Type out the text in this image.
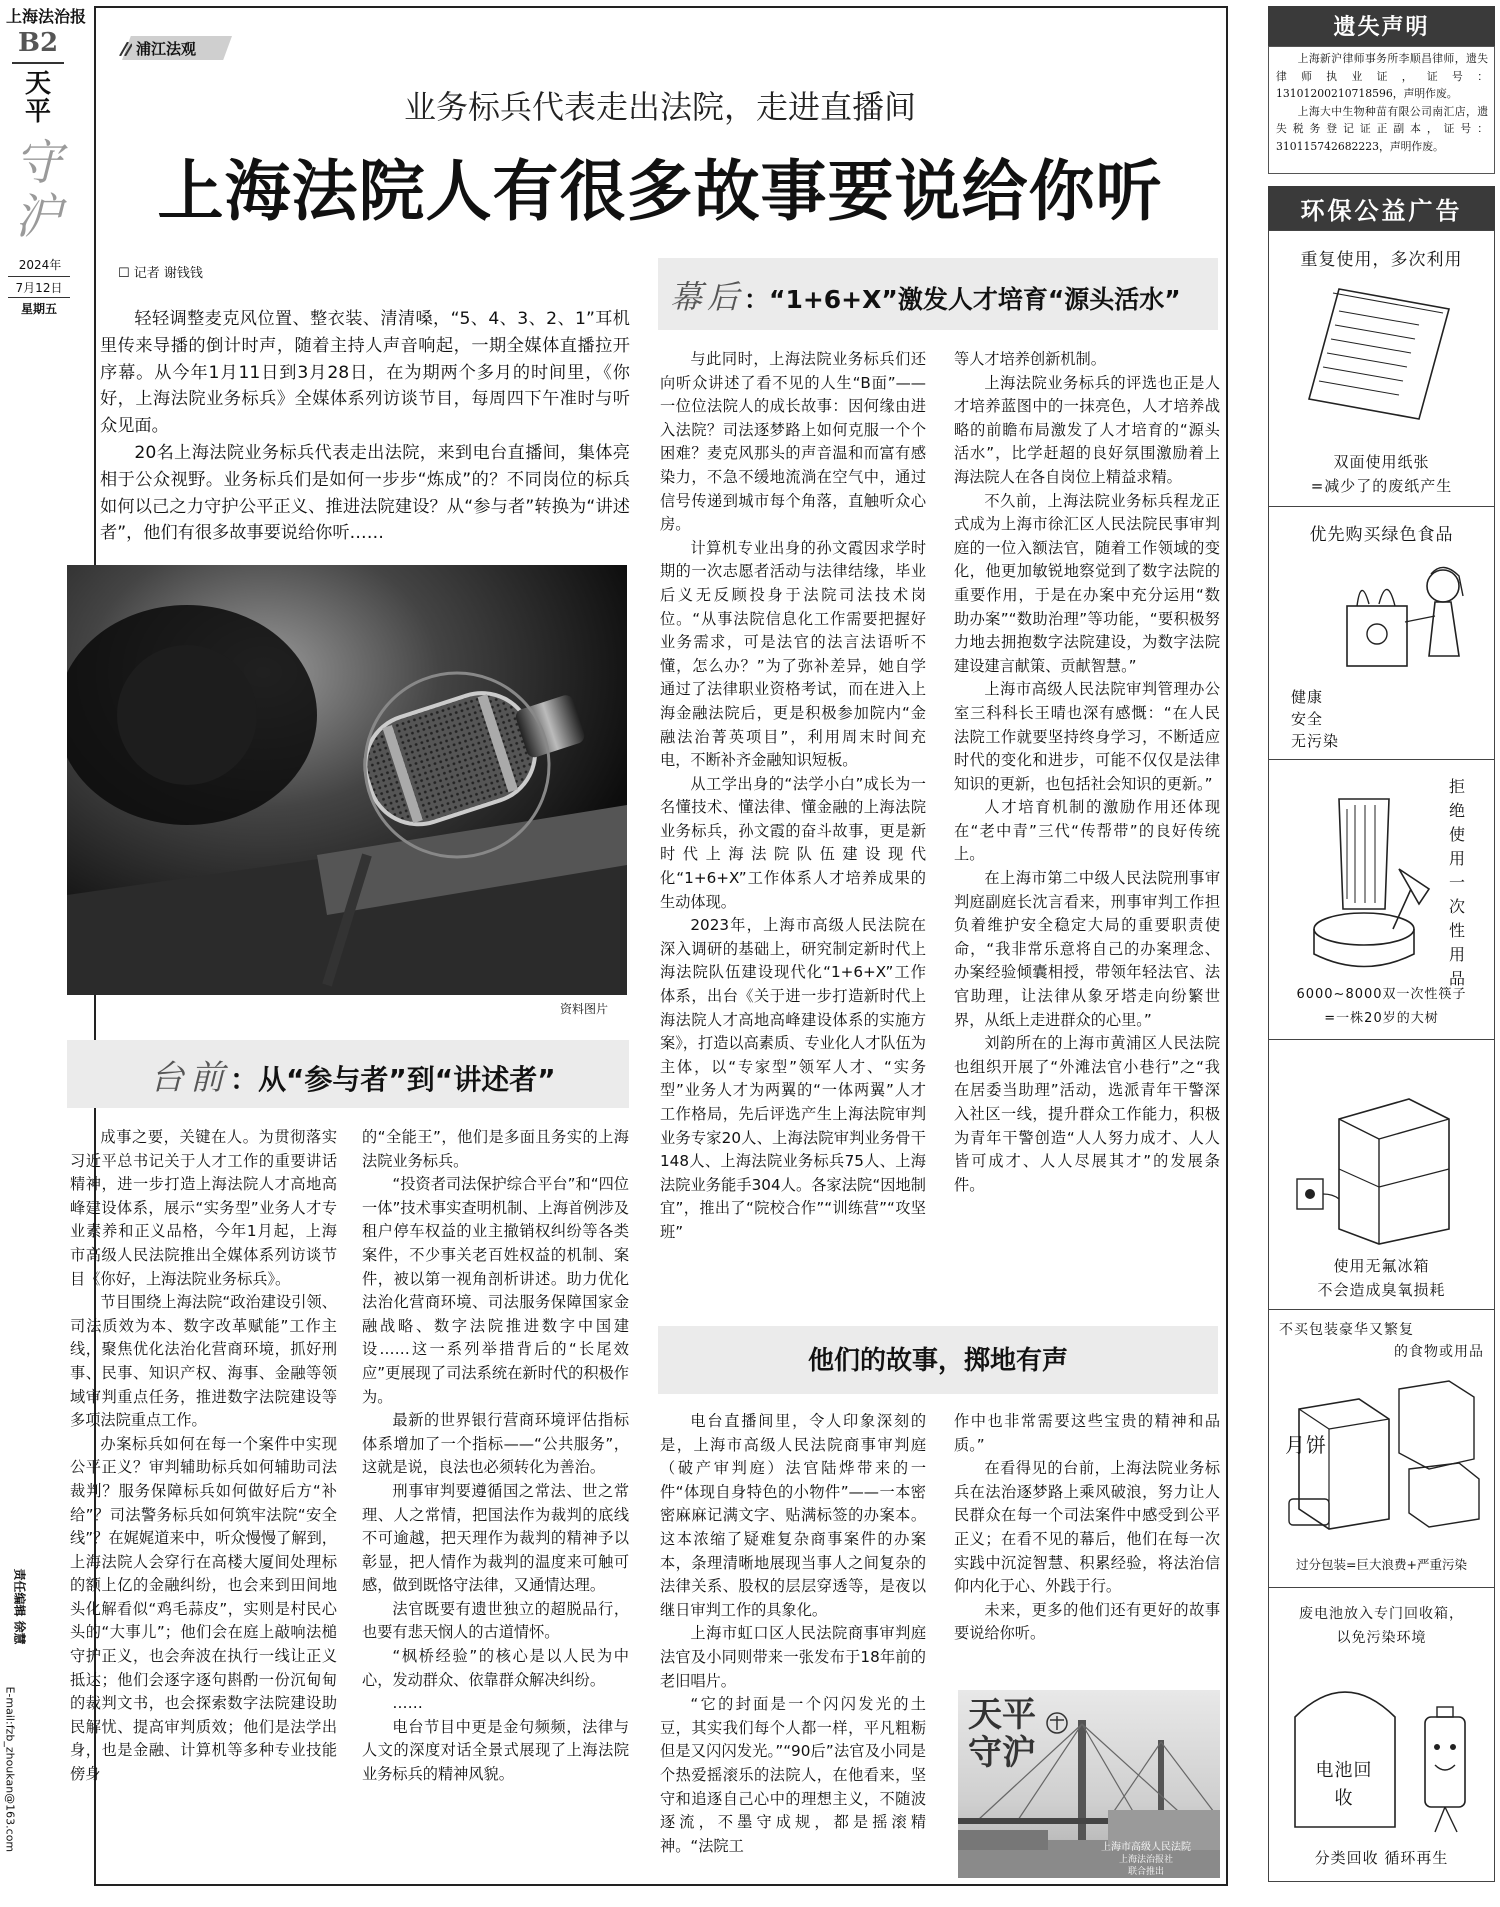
上海法治报
B2
天平
守沪
2024年
7月12日
星期五
责任编辑 徐慧
E-mail:fzb_zhoukan@163.com
浦江法观
业务标兵代表走出法院，走进直播间
上海法院人有很多故事要说给你听
☐ 记者 谢钱钱

轻轻调整麦克风位置、整衣装、清清嗓，“5、4、3、2、1”耳机里传来导播的倒计时声，随着主持人声音响起，一期全媒体直播拉开序幕。从今年1月11日到3月28日，在为期两个多月的时间里，《你好，上海法院业务标兵》全媒体系列访谈节目，每周四下午准时与听众见面。

20名上海法院业务标兵代表走出法院，来到电台直播间，集体亮相于公众视野。业务标兵们是如何一步步“炼成”的？不同岗位的标兵如何以己之力守护公平正义、推进法院建设？从“参与者”转换为“讲述者”，他们有很多故事要说给你听……

资料图片
台前：从“参与者”到“讲述者”

成事之要，关键在人。为贯彻落实习近平总书记关于人才工作的重要讲话精神，进一步打造上海法院人才高地高峰建设体系，展示“实务型”业务人才专业素养和正义品格，今年1月起，上海市高级人民法院推出全媒体系列访谈节目《你好，上海法院业务标兵》。

节目围绕上海法院“政治建设引领、司法质效为本、数字改革赋能”工作主线，聚焦优化法治化营商环境，抓好刑事、民事、知识产权、海事、金融等领域审判重点任务，推进数字法院建设等多项法院重点工作。

办案标兵如何在每一个案件中实现公平正义？审判辅助标兵如何辅助司法裁判？服务保障标兵如何做好后方“补给”？司法警务标兵如何筑牢法院“安全线”？在娓娓道来中，听众慢慢了解到，上海法院人会穿行在高楼大厦间处理标的额上亿的金融纠纷，也会来到田间地头化解看似“鸡毛蒜皮”，实则是村民心头的“大事儿”；他们会在庭上敲响法槌守护正义，也会奔波在执行一线让正义抵达；他们会逐字逐句斟酌一份沉甸甸的裁判文书，也会探索数字法院建设助民解忧、提高审判质效；他们是法学出身，也是金融、计算机等多种专业技能傍身

的“全能王”，他们是多面且务实的上海法院业务标兵。

“投资者司法保护综合平台”和“四位一体”技术事实查明机制、上海首例涉及租户停车权益的业主撤销权纠纷等各类案件，不少事关老百姓权益的机制、案件，被以第一视角剖析讲述。助力优化法治化营商环境、司法服务保障国家金融战略、数字法院推进数字中国建设……这一系列举措背后的“长尾效应”更展现了司法系统在新时代的积极作为。

最新的世界银行营商环境评估指标体系增加了一个指标——“公共服务”，这就是说，良法也必须转化为善治。

刑事审判要遵循国之常法、世之常理、人之常情，把国法作为裁判的底线不可逾越，把天理作为裁判的精神予以彰显，把人情作为裁判的温度来可触可感，做到既恪守法律，又通情达理。

法官既要有遗世独立的超脱品行，也要有悲天悯人的古道情怀。

“枫桥经验”的核心是以人民为中心，发动群众、依靠群众解决纠纷。

……

电台节目中更是金句频频，法律与人文的深度对话全景式展现了上海法院业务标兵的精神风貌。

幕后：“1+6+X”激发人才培育“源头活水”

与此同时，上海法院业务标兵们还向听众讲述了看不见的人生“B面”——一位位法院人的成长故事：因何缘由进入法院？司法逐梦路上如何克服一个个困难？麦克风那头的声音温和而富有感染力，不急不缓地流淌在空气中，通过信号传递到城市每个角落，直触听众心房。

计算机专业出身的孙文霞因求学时期的一次志愿者活动与法律结缘，毕业后义无反顾投身于法院司法技术岗位。“从事法院信息化工作需要把握好业务需求，可是法官的法言法语听不懂，怎么办？”为了弥补差异，她自学通过了法律职业资格考试，而在进入上海金融法院后，更是积极参加院内“金融法治菁英项目”，利用周末时间充电，不断补齐金融知识短板。

从工学出身的“法学小白”成长为一名懂技术、懂法律、懂金融的上海法院业务标兵，孙文霞的奋斗故事，更是新时代上海法院队伍建设现代化“1+6+X”工作体系人才培养成果的生动体现。

2023年，上海市高级人民法院在深入调研的基础上，研究制定新时代上海法院队伍建设现代化“1+6+X”工作体系，出台《关于进一步打造新时代上海法院人才高地高峰建设体系的实施方案》，打造以高素质、专业化人才队伍为主体，以“专家型”领军人才、“实务型”业务人才为两翼的“一体两翼”人才工作格局，先后评选产生上海法院审判业务专家20人、上海法院审判业务骨干148人、上海法院业务标兵75人、上海法院业务能手304人。各家法院“因地制宜”，推出了“院校合作”“训练营”“攻坚班”

等人才培养创新机制。

上海法院业务标兵的评选也正是人才培养蓝图中的一抹亮色，人才培养战略的前瞻布局激发了人才培育的“源头活水”，比学赶超的良好氛围激励着上海法院人在各自岗位上精益求精。

不久前，上海法院业务标兵程龙正式成为上海市徐汇区人民法院民事审判庭的一位入额法官，随着工作领域的变化，他更加敏锐地察觉到了数字法院的重要作用，于是在办案中充分运用“数助办案”“数助治理”等功能，“要积极努力地去拥抱数字法院建设，为数字法院建设建言献策、贡献智慧。”

上海市高级人民法院审判管理办公室三科科长王晴也深有感慨：“在人民法院工作就要坚持终身学习，不断适应时代的变化和进步，可能不仅仅是法律知识的更新，也包括社会知识的更新。”

人才培育机制的激励作用还体现在“老中青”三代“传帮带”的良好传统上。

在上海市第二中级人民法院刑事审判庭副庭长沈言看来，刑事审判工作担负着维护安全稳定大局的重要职责使命，“我非常乐意将自己的办案理念、办案经验倾囊相授，带领年轻法官、法官助理，让法律从象牙塔走向纷繁世界，从纸上走进群众的心里。”

刘韵所在的上海市黄浦区人民法院也组织开展了“外滩法官小巷行”之“我在居委当助理”活动，选派青年干警深入社区一线，提升群众工作能力，积极为青年干警创造“人人努力成才、人人皆可成才、人人尽展其才”的发展条件。

他们的故事，掷地有声

电台直播间里，令人印象深刻的是，上海市高级人民法院商事审判庭（破产审判庭）法官陆烨带来的一件“体现自身特色的小物件”——一本密密麻麻记满文字、贴满标签的办案本。这本浓缩了疑难复杂商事案件的办案本，条理清晰地展现当事人之间复杂的法律关系、股权的层层穿透等，是夜以继日审判工作的具象化。

上海市虹口区人民法院商事审判庭法官及小同则带来一张发布于18年前的老旧唱片。

“它的封面是一个闪闪发光的土豆，其实我们每个人都一样，平凡粗粝但是又闪闪发光。”“90后”法官及小同是个热爱摇滚乐的法院人，在他看来，坚守和追逐自己心中的理想主义，不随波逐流，不墨守成规，都是摇滚精神。“法院工

作中也非常需要这些宝贵的精神和品质。”

在看得见的台前，上海法院业务标兵在法治逐梦路上乘风破浪，努力让人民群众在每一个司法案件中感受到公平正义；在看不见的幕后，他们在每一次实践中沉淀智慧、积累经验，将法治信仰内化于心、外践于行。

未来，更多的他们还有更好的故事要说给你听。

天平
守沪
上海市高级人民法院
上海法治报社
联合推出
遗失声明
上海新沪律师事务所李顺昌律师，遗失律师执业证，证号：13101200210718596，声明作废。
上海大中生物种苗有限公司南汇店，遗失税务登记证正副本，证号：310115742682223，声明作废。
环保公益广告
重复使用，多次利用
双面使用纸张
=减少了的废纸产生
优先购买绿色食品
健康
安全
无污染
拒绝使用一次性用品
6000~8000双一次性筷子
=一株20岁的大树
使用无氟冰箱
不会造成臭氧损耗
不买包装豪华又繁复
的食物或用品
月饼
过分包装=巨大浪费+严重污染
废电池放入专门回收箱，
以免污染环境
电池回收
分类回收 循环再生
